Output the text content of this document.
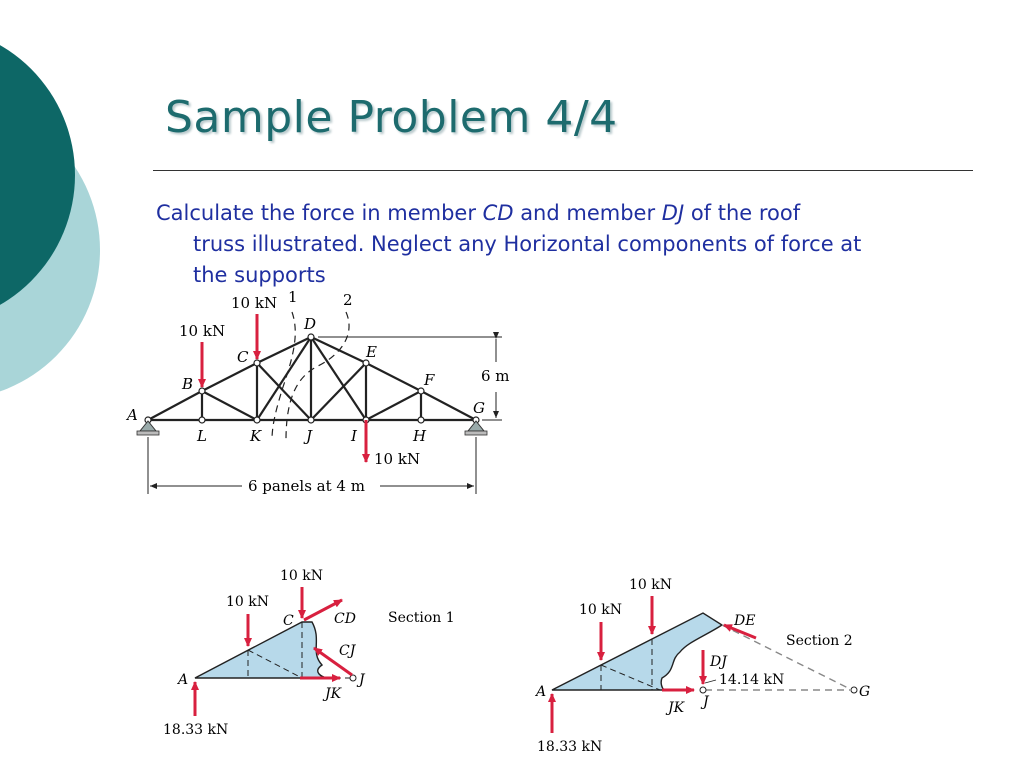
Sample Problem 4/4
Calculate the force in member CD and member DJ of the roof
truss illustrated. Neglect any Horizontal components of force at
the supports
1	2
10 kN
10 kN
10 kN
A
B
C
D
E
F
G
L	K	J	I	H
6 m
6 panels at 4 m
10 kN
10 kN
18.33 kN
A
C
J
CD
CJ
JK
Section 1	10 kN
10 kN
18.33 kN
A
J
G
DE
DJ
JK
14.14 kN
Section 2
